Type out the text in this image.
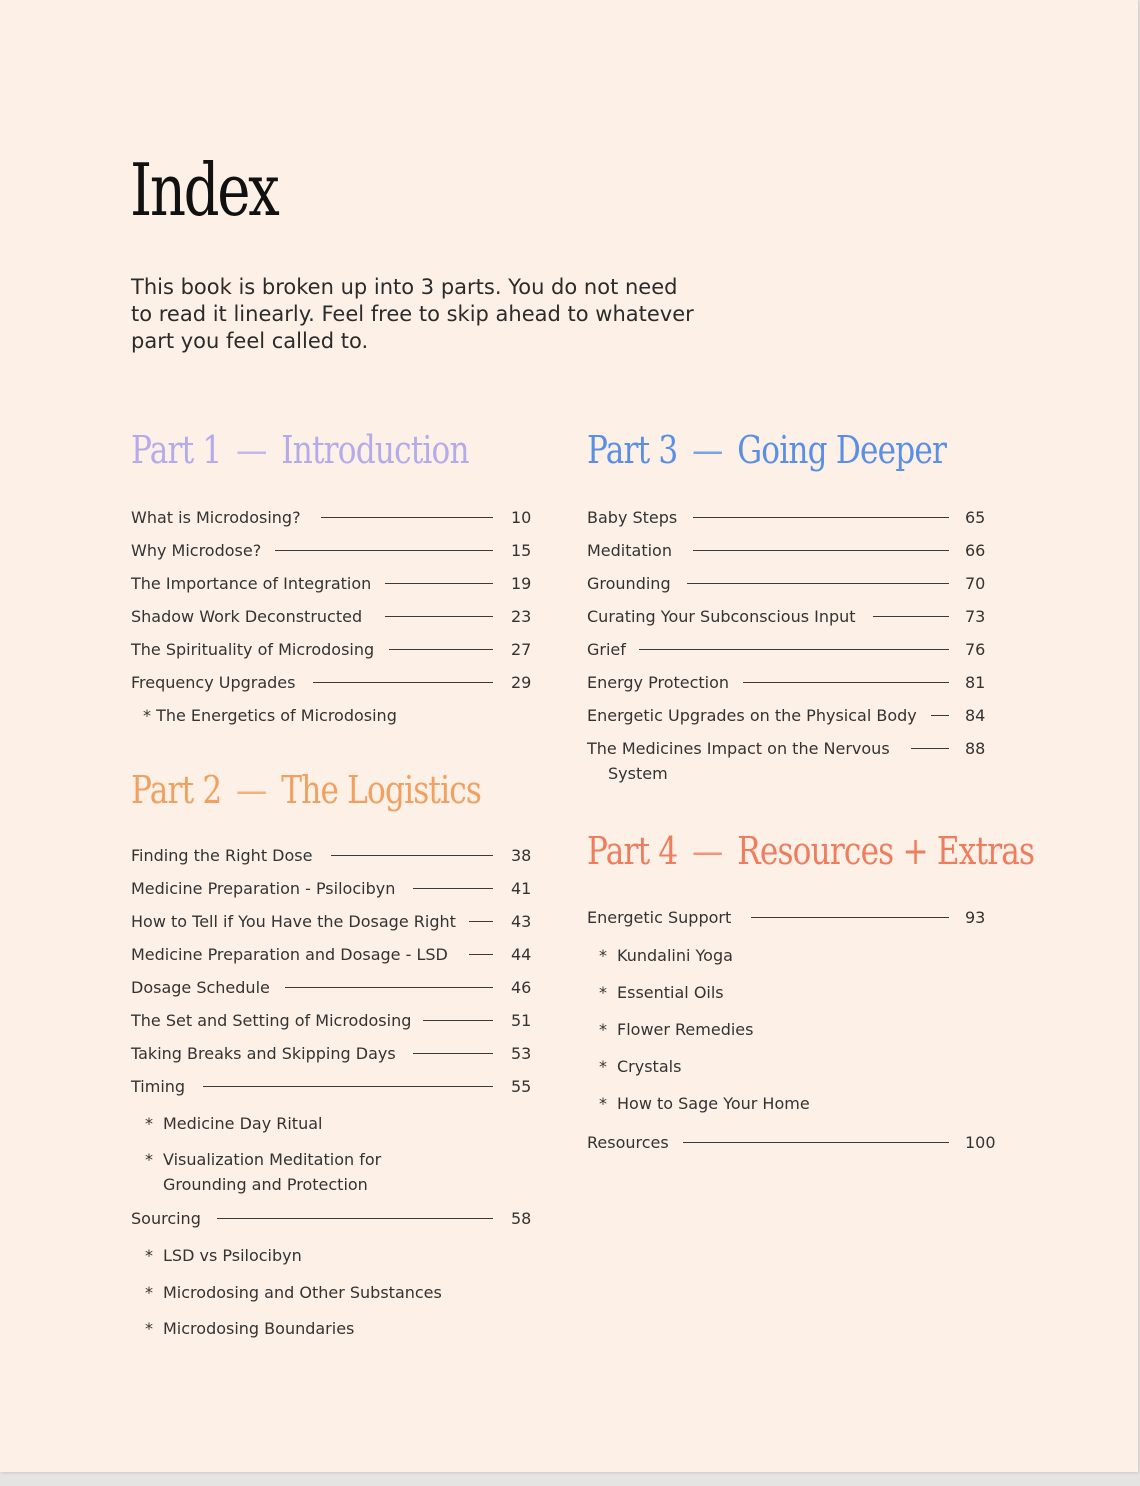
Index
This book is broken up into 3 parts. You do not need
to read it linearly. Feel free to skip ahead to whatever
part you feel called to.
Part 1 — Introduction
What is Microdosing?	10
Why Microdose?	15
The Importance of Integration	19
Shadow Work Deconstructed	23
The Spirituality of Microdosing	27
Frequency Upgrades	29
* The Energetics of Microdosing
Part 2 — The Logistics
Finding the Right Dose	38
Medicine Preparation - Psilocibyn	41
How to Tell if You Have the Dosage Right	43
Medicine Preparation and Dosage - LSD	44
Dosage Schedule	46
The Set and Setting of Microdosing	51
Taking Breaks and Skipping Days	53
Timing	55
* Medicine Day Ritual
* Visualization Meditation for
Grounding and Protection
Sourcing	58
* LSD vs Psilocibyn
* Microdosing and Other Substances
* Microdosing Boundaries
Part 3 — Going Deeper
Baby Steps	65
Meditation	66
Grounding	70
Curating Your Subconscious Input	73
Grief	76
Energy Protection	81
Energetic Upgrades on the Physical Body	84
The Medicines Impact on the Nervous	88
System
Part 4 — Resources + Extras
Energetic Support	93
* Kundalini Yoga
* Essential Oils
* Flower Remedies
* Crystals
* How to Sage Your Home
Resources	100
